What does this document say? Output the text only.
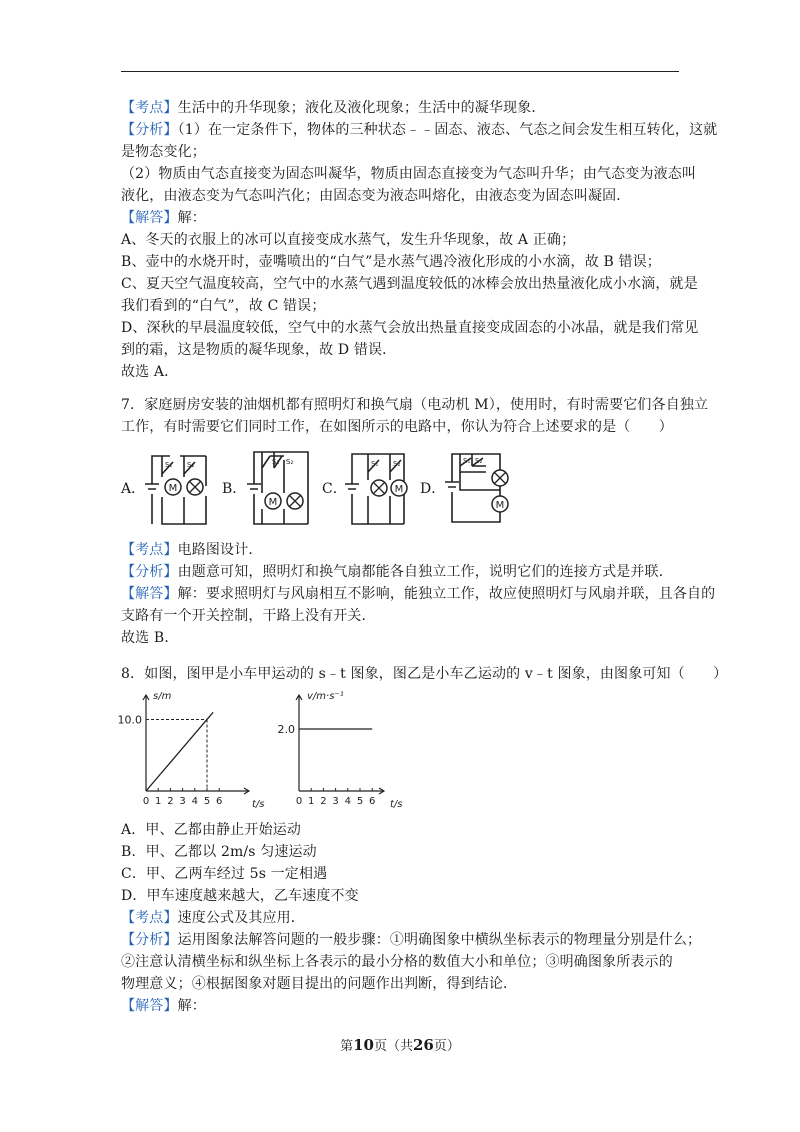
【考点】生活中的升华现象；液化及液化现象；生活中的凝华现象．
【分析】（1）在一定条件下，物体的三种状态﹣﹣固态、液态、气态之间会发生相互转化，这就
是物态变化；
（2）物质由气态直接变为固态叫凝华，物质由固态直接变为气态叫升华；由气态变为液态叫
液化，由液态变为气态叫汽化；由固态变为液态叫熔化，由液态变为固态叫凝固．
【解答】解：
A、冬天的衣服上的冰可以直接变成水蒸气，发生升华现象，故 A 正确；
B、壶中的水烧开时，壶嘴喷出的“白气”是水蒸气遇冷液化形成的小水滴，故 B 错误；
C、夏天空气温度较高，空气中的水蒸气遇到温度较低的冰棒会放出热量液化成小水滴，就是
我们看到的“白气”，故 C 错误；
D、深秋的早晨温度较低，空气中的水蒸气会放出热量直接变成固态的小冰晶，就是我们常见
到的霜，这是物质的凝华现象，故 D 错误．
故选 A．
7．家庭厨房安装的油烟机都有照明灯和换气扇（电动机 M），使用时，有时需要它们各自独立
工作，有时需要它们同时工作，在如图所示的电路中，你认为符合上述要求的是（　　）
A．	B．	C．	D．
M
S₁ S₂
M
S₁ S₂
M
S₁ S₂
M
S₁ S₂
【考点】电路图设计．
【分析】由题意可知，照明灯和换气扇都能各自独立工作，说明它们的连接方式是并联．
【解答】解：要求照明灯与风扇相互不影响，能独立工作，故应使照明灯与风扇并联，且各自的
支路有一个开关控制，干路上没有开关．
故选 B．
8．如图，图甲是小车甲运动的 s﹣t 图象，图乙是小车乙运动的 v﹣t 图象，由图象可知（　　）
s/m
t/s
0 1 2 3 4 5 6
10.0
v/m·s⁻¹
t/s
0 1 2 3 4 5 6
2.0
A．甲、乙都由静止开始运动
B．甲、乙都以 2m/s 匀速运动
C．甲、乙两车经过 5s 一定相遇
D．甲车速度越来越大，乙车速度不变
【考点】速度公式及其应用．
【分析】运用图象法解答问题的一般步骤：①明确图象中横纵坐标表示的物理量分别是什么；
②注意认清横坐标和纵坐标上各表示的最小分格的数值大小和单位；③明确图象所表示的
物理意义；④根据图象对题目提出的问题作出判断，得到结论．
【解答】解：
第10页（共26页）
